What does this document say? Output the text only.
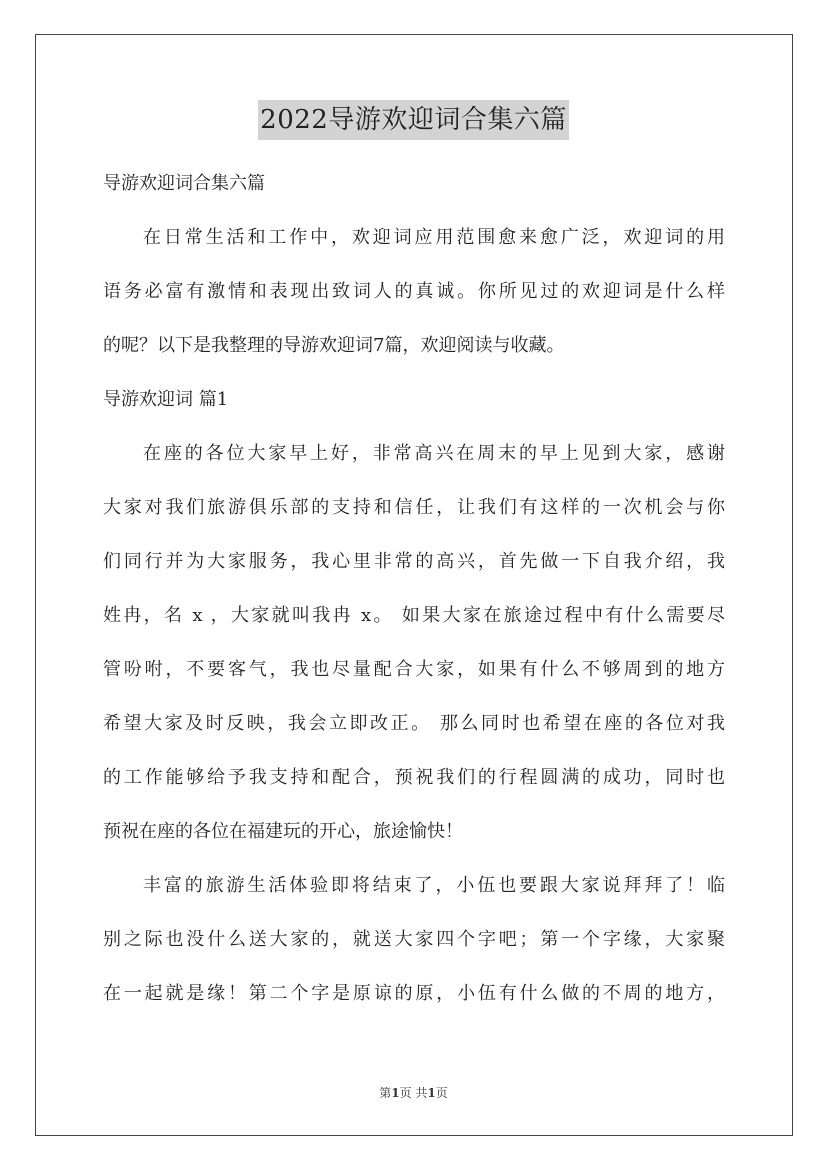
2022导游欢迎词合集六篇
导游欢迎词合集六篇
在日常生活和工作中，欢迎词应用范围愈来愈广泛，欢迎词的用
语务必富有激情和表现出致词人的真诚。你所见过的欢迎词是什么样
的呢？以下是我整理的导游欢迎词7篇，欢迎阅读与收藏。
导游欢迎词 篇1
在座的各位大家早上好，非常高兴在周末的早上见到大家，感谢
大家对我们旅游俱乐部的支持和信任，让我们有这样的一次机会与你
们同行并为大家服务，我心里非常的高兴，首先做一下自我介绍，我
姓冉，名 x ，大家就叫我冉 x。 如果大家在旅途过程中有什么需要尽
管吩咐，不要客气，我也尽量配合大家，如果有什么不够周到的地方
希望大家及时反映，我会立即改正。 那么同时也希望在座的各位对我
的工作能够给予我支持和配合，预祝我们的行程圆满的成功，同时也
预祝在座的各位在福建玩的开心，旅途愉快！
丰富的旅游生活体验即将结束了，小伍也要跟大家说拜拜了！临
别之际也没什么送大家的，就送大家四个字吧；第一个字缘，大家聚
在一起就是缘！第二个字是原谅的原，小伍有什么做的不周的地方，
第1页 共1页
